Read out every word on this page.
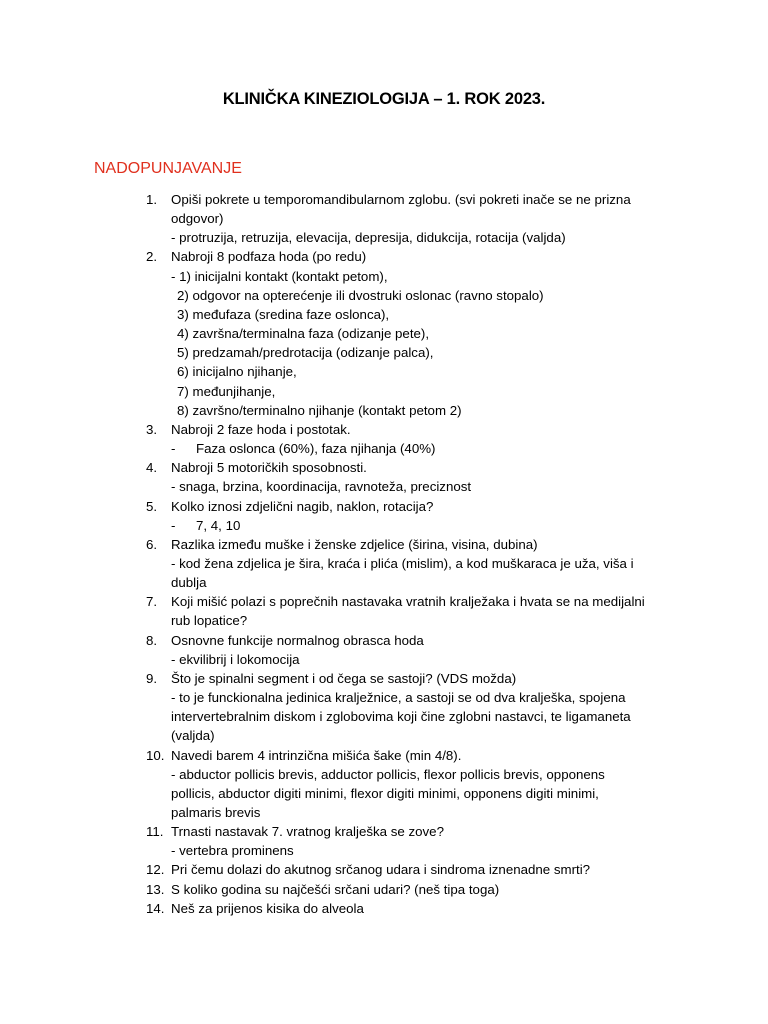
KLINIČKA KINEZIOLOGIJA – 1. ROK 2023.
NADOPUNJAVANJE
1. Opiši pokrete u temporomandibularnom zglobu. (svi pokreti inače se ne prizna
odgovor)
- protruzija, retruzija, elevacija, depresija, didukcija, rotacija (valjda)
2. Nabroji 8 podfaza hoda (po redu)
- 1) inicijalni kontakt (kontakt petom),
2) odgovor na opterećenje ili dvostruki oslonac (ravno stopalo)
3) međufaza (sredina faze oslonca),
4) završna/terminalna faza (odizanje pete),
5) predzamah/predrotacija (odizanje palca),
6) inicijalno njihanje,
7) međunjihanje,
8) završno/terminalno njihanje (kontakt petom 2)
3. Nabroji 2 faze hoda i postotak.
- Faza oslonca (60%), faza njihanja (40%)
4. Nabroji 5 motoričkih sposobnosti.
- snaga, brzina, koordinacija, ravnoteža, preciznost
5. Kolko iznosi zdjelični nagib, naklon, rotacija?
- 7, 4, 10
6. Razlika između muške i ženske zdjelice (širina, visina, dubina)
- kod žena zdjelica je šira, kraća i plića (mislim), a kod muškaraca je uža, viša i
dublja
7. Koji mišić polazi s poprečnih nastavaka vratnih kralježaka i hvata se na medijalni
rub lopatice?
8. Osnovne funkcije normalnog obrasca hoda
- ekvilibrij i lokomocija
9. Što je spinalni segment i od čega se sastoji? (VDS možda)
- to je funckionalna jedinica kralježnice, a sastoji se od dva kralješka, spojena
intervertebralnim diskom i zglobovima koji čine zglobni nastavci, te ligamaneta
(valjda)
10. Navedi barem 4 intrinzična mišića šake (min 4/8).
- abductor pollicis brevis, adductor pollicis, flexor pollicis brevis, opponens
pollicis, abductor digiti minimi, flexor digiti minimi, opponens digiti minimi,
palmaris brevis
11. Trnasti nastavak 7. vratnog kralješka se zove?
- vertebra prominens
12. Pri čemu dolazi do akutnog srčanog udara i sindroma iznenadne smrti?
13. S koliko godina su najčešći srčani udari? (neš tipa toga)
14. Neš za prijenos kisika do alveola
